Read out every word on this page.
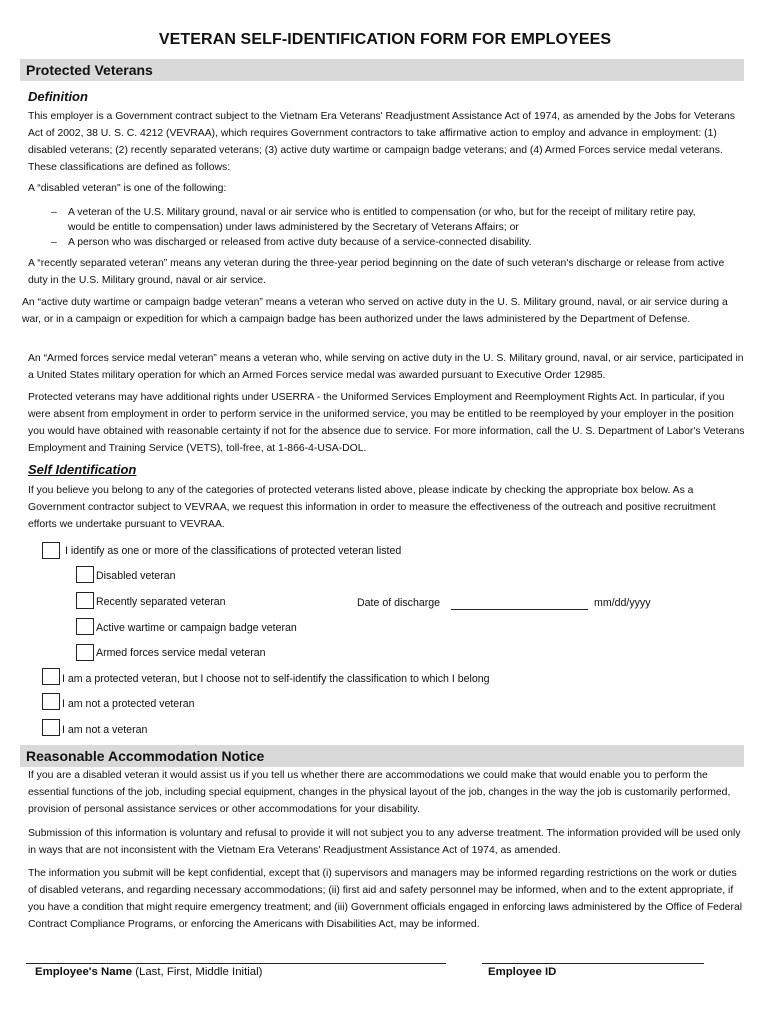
VETERAN SELF-IDENTIFICATION FORM FOR EMPLOYEES
Protected Veterans
Definition

This employer is a Government contract subject to the Vietnam Era Veterans' Readjustment Assistance Act of 1974, as amended by the Jobs for Veterans Act of 2002, 38 U. S. C. 4212 (VEVRAA), which requires Government contractors to take affirmative action to employ and advance in employment: (1) disabled veterans; (2) recently separated veterans; (3) active duty wartime or campaign badge veterans; and (4) Armed Forces service medal veterans. These classifications are defined as follows:

A “disabled veteran" is one of the following:

– A veteran of the U.S. Military ground, naval or air service who is entitled to compensation (or who, but for the receipt of military retire pay, would be entitle to compensation) under laws administered by the Secretary of Veterans Affairs; or
– A person who was discharged or released from active duty because of a service-connected disability.

A “recently separated veteran” means any veteran during the three-year period beginning on the date of such veteran's discharge or release from active duty in the U.S. Military ground, naval or air service.

An “active duty wartime or campaign badge veteran” means a veteran who served on active duty in the U. S. Military ground, naval, or air service during a war, or in a campaign or expedition for which a campaign badge has been authorized under the laws administered by the Department of Defense.

An “Armed forces service medal veteran” means a veteran who, while serving on active duty in the U. S. Military ground, naval, or air service, participated in a United States military operation for which an Armed Forces service medal was awarded pursuant to Executive Order 12985.

Protected veterans may have additional rights under USERRA - the Uniformed Services Employment and Reemployment Rights Act. In particular, if you were absent from employment in order to perform service in the uniformed service, you may be entitled to be reemployed by your employer in the position you would have obtained with reasonable certainty if not for the absence due to service. For more information, call the U. S. Department of Labor's Veterans Employment and Training Service (VETS), toll-free, at 1-866-4-USA-DOL.

Self Identification

If you believe you belong to any of the categories of protected veterans listed above, please indicate by checking the appropriate box below. As a Government contractor subject to VEVRAA, we request this information in order to measure the effectiveness of the outreach and positive recruitment efforts we undertake pursuant to VEVRAA.

I identify as one or more of the classifications of protected veteran listed
Disabled veteran
Recently separated veteran	Date of discharge	mm/dd/yyyy
Active wartime or campaign badge veteran
Armed forces service medal veteran
I am a protected veteran, but I choose not to self-identify the classification to which I belong
I am not a protected veteran
I am not a veteran
Reasonable Accommodation Notice

If you are a disabled veteran it would assist us if you tell us whether there are accommodations we could make that would enable you to perform the essential functions of the job, including special equipment, changes in the physical layout of the job, changes in the way the job is customarily performed, provision of personal assistance services or other accommodations for your disability.

Submission of this information is voluntary and refusal to provide it will not subject you to any adverse treatment. The information provided will be used only in ways that are not inconsistent with the Vietnam Era Veterans' Readjustment Assistance Act of 1974, as amended.

The information you submit will be kept confidential, except that (i) supervisors and managers may be informed regarding restrictions on the work or duties of disabled veterans, and regarding necessary accommodations; (ii) first aid and safety personnel may be informed, when and to the extent appropriate, if you have a condition that might require emergency treatment; and (iii) Government officials engaged in enforcing laws administered by the Office of Federal Contract Compliance Programs, or enforcing the Americans with Disabilities Act, may be informed.

Employee's Name (Last, First, Middle Initial)	Employee ID
